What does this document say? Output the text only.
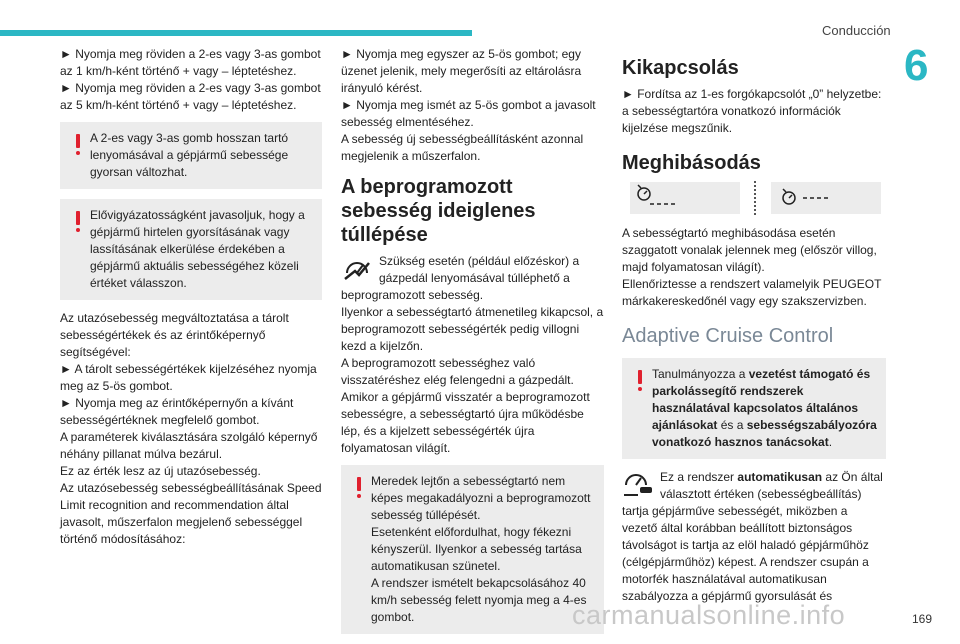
Conducción
6

► Nyomja meg röviden a 2-es vagy 3-as gombot az 1 km/h-ként történő + vagy – léptetéshez.

► Nyomja meg röviden a 2-es vagy 3-as gombot az 5 km/h-ként történő + vagy – léptetéshez.

A 2-es vagy 3-as gomb hosszan tartó lenyomásával a gépjármű sebessége gyorsan változhat.
Elővigyázatosságként javasoljuk, hogy a gépjármű hirtelen gyorsításának vagy lassításának elkerülése érdekében a gépjármű aktuális sebességéhez közeli értéket válasszon.

Az utazósebesség megváltoztatása a tárolt sebességértékek és az érintőképernyő segítségével:

► A tárolt sebességértékek kijelzéséhez nyomja meg az 5-ös gombot.

► Nyomja meg az érintőképernyőn a kívánt sebességértéknek megfelelő gombot.

A paraméterek kiválasztására szolgáló képernyő néhány pillanat múlva bezárul.

Ez az érték lesz az új utazósebesség.

Az utazósebesség sebességbeállításának Speed Limit recognition and recommendation által javasolt, műszerfalon megjelenő sebességgel történő módosításához:

► Nyomja meg egyszer az 5-ös gombot; egy üzenet jelenik, mely megerősíti az eltárolásra irányuló kérést.

► Nyomja meg ismét az 5-ös gombot a javasolt sebesség elmentéséhez.

A sebesség új sebességbeállításként azonnal megjelenik a műszerfalon.

A beprogramozott sebesség ideiglenes túllépése
Szükség esetén (például előzéskor) a gázpedál lenyomásával túlléphető a beprogramozott sebesség.

Ilyenkor a sebességtartó átmenetileg kikapcsol, a beprogramozott sebességérték pedig villogni kezd a kijelzőn.

A beprogramozott sebességhez való visszatéréshez elég felengedni a gázpedált.

Amikor a gépjármű visszatér a beprogramozott sebességre, a sebességtartó újra működésbe lép, és a kijelzett sebességérték újra folyamatosan világít.

Meredek lejtőn a sebességtartó nem képes megakadályozni a beprogramozott sebesség túllépését.
Esetenként előfordulhat, hogy fékezni kényszerül. Ilyenkor a sebesség tartása automatikusan szünetel.
A rendszer ismételt bekapcsolásához 40 km/h sebesség felett nyomja meg a 4-es gombot.
Kikapcsolás

► Fordítsa az 1-es forgókapcsolót „0” helyzetbe: a sebességtartóra vonatkozó információk kijelzése megszűnik.

Meghibásodás

A sebességtartó meghibásodása esetén szaggatott vonalak jelennek meg (először villog, majd folyamatosan világít).

Ellenőriztesse a rendszert valamelyik PEUGEOT márkakereskedőnél vagy egy szakszervizben.

Adaptive Cruise Control
Tanulmányozza a vezetést támogató és parkolássegítő rendszerek használatával kapcsolatos általános ajánlásokat és a sebességszabályozóra vonatkozó hasznos tanácsokat.
Ez a rendszer automatikusan az Ön által választott értéken (sebességbeállítás) tartja gépjárműve sebességét, miközben a vezető által korábban beállított biztonságos távolságot is tartja az elöl haladó gépjárműhöz (célgépjárműhöz) képest. A rendszer csupán a motorfék használatával automatikusan szabályozza a gépjármű gyorsulását és
carmanualsonline.info	169
